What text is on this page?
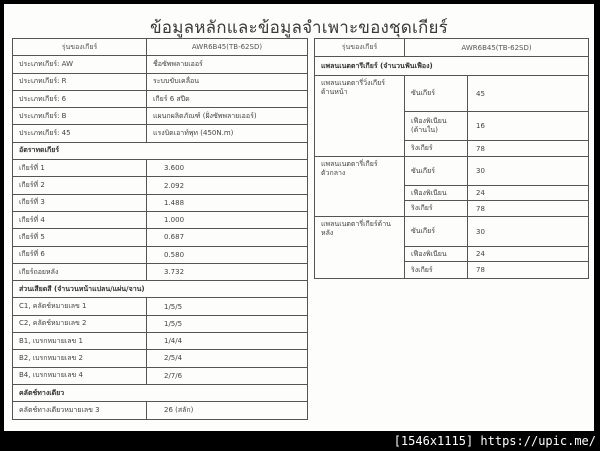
ข้อมูลหลักและข้อมูลจำเพาะของชุดเกียร์
รุ่นของเกียร์	AWR6B45(TB-62SD)
ประเภทเกียร์: AW	ชื่อซัพพลายเออร์
ประเภทเกียร์: R	ระบบขับเคลื่อน
ประเภทเกียร์: 6	เกียร์ 6 สปีด
ประเภทเกียร์: B	แผนกผลิตภัณฑ์ (ฝั่งซัพพลายเออร์)
ประเภทเกียร์: 45	แรงบิดเอาท์พุท (450N.m)
อัตราทดเกียร์	
เกียร์ที่ 1	3.600
เกียร์ที่ 2	2.092
เกียร์ที่ 3	1.488
เกียร์ที่ 4	1.000
เกียร์ที่ 5	0.687
เกียร์ที่ 6	0.580
เกียร์ถอยหลัง	3.732
ส่วนเสียดสี (จำนวนหน้าแปลน/แผ่น/จาน)	
C1, คลัตช์หมายเลข 1	1/5/5
C2, คลัตช์หมายเลข 2	1/5/5
B1, เบรกหมายเลข 1	1/4/4
B2, เบรกหมายเลข 2	2/5/4
B4, เบรกหมายเลข 4	2/7/6
คลัตช์ทางเดียว	
คลัตช์ทางเดียวหมายเลข 3	26 (สลัก)
รุ่นของเกียร์	AWR6B45(TB-62SD)	
แพลนเนตตารีเกียร์ (จำนวนฟันเฟือง)		
แพลนเนตตารี่วิ่งเกียร์ด้านหน้า	ซันเกียร์	45
	เฟืองพิเนียน (ด้านใน)	16
	ริงเกียร์	78
แพลนเนตตารี่เกียร์ตัวกลาง	ซันเกียร์	30
	เฟืองพิเนียน	24
	ริงเกียร์	78
แพลนเนตตารี่เกียร์ด้านหลัง	ซันเกียร์	30
	เฟืองพิเนียน	24
	ริงเกียร์	78
[1546x1115] https://upic.me/
